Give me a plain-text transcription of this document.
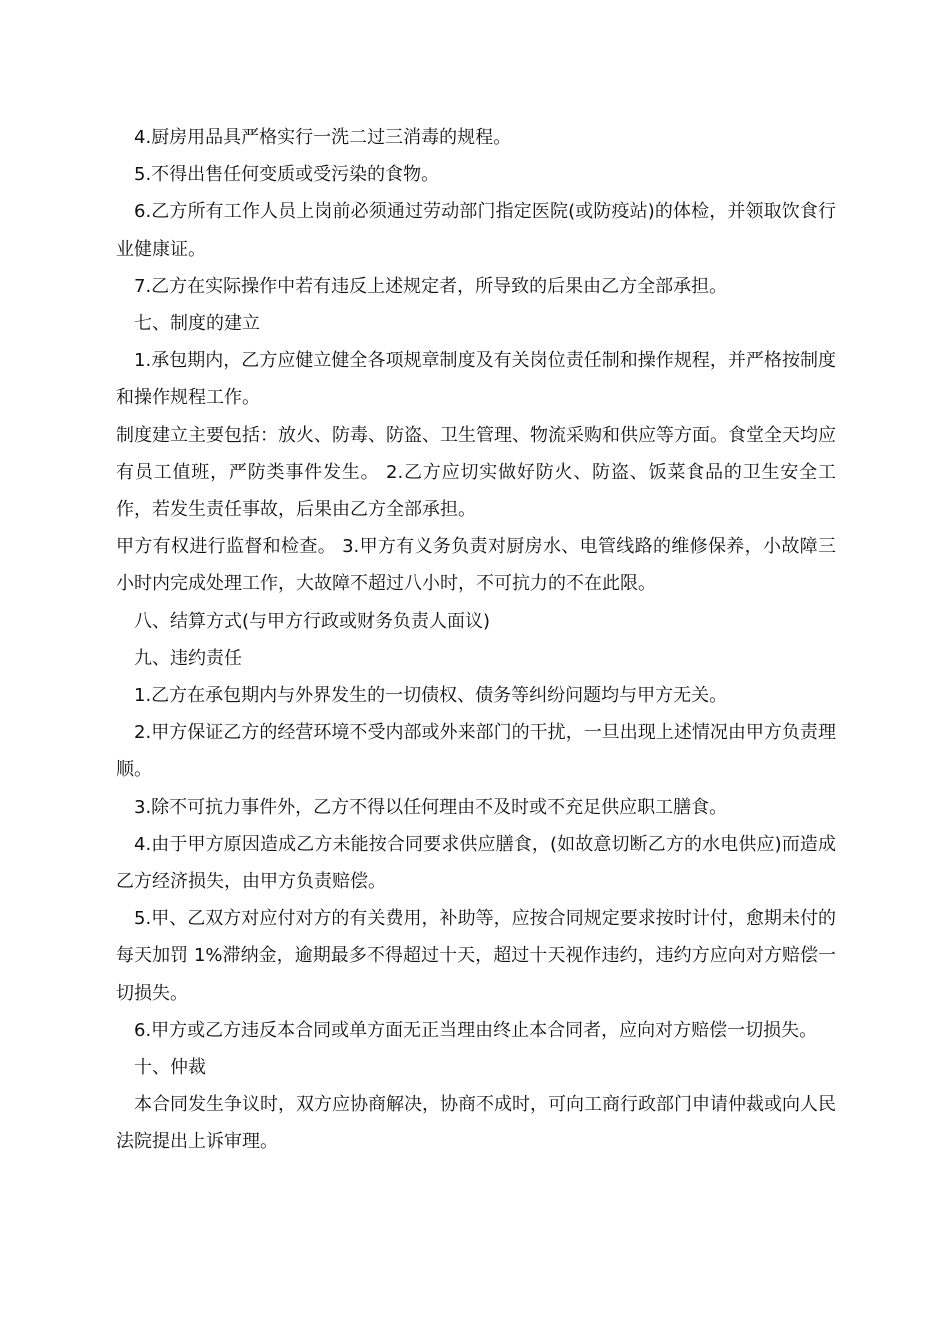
4.厨房用品具严格实行一洗二过三消毒的规程。

5.不得出售任何变质或受污染的食物。

6.乙方所有工作人员上岗前必须通过劳动部门指定医院(或防疫站)的体检，并领取饮食行业健康证。

7.乙方在实际操作中若有违反上述规定者，所导致的后果由乙方全部承担。

七、制度的建立

1.承包期内，乙方应健立健全各项规章制度及有关岗位责任制和操作规程，并严格按制度和操作规程工作。

制度建立主要包括：放火、防毒、防盗、卫生管理、物流采购和供应等方面。食堂全天均应有员工值班，严防类事件发生。 2.乙方应切实做好防火、防盗、饭菜食品的卫生安全工作，若发生责任事故，后果由乙方全部承担。

甲方有权进行监督和检查。 3.甲方有义务负责对厨房水、电管线路的维修保养，小故障三小时内完成处理工作，大故障不超过八小时，不可抗力的不在此限。

八、结算方式(与甲方行政或财务负责人面议)

九、违约责任

1.乙方在承包期内与外界发生的一切债权、债务等纠纷问题均与甲方无关。

2.甲方保证乙方的经营环境不受内部或外来部门的干扰，一旦出现上述情况由甲方负责理顺。

3.除不可抗力事件外，乙方不得以任何理由不及时或不充足供应职工膳食。

4.由于甲方原因造成乙方未能按合同要求供应膳食，(如故意切断乙方的水电供应)而造成乙方经济损失，由甲方负责赔偿。

5.甲、乙双方对应付对方的有关费用，补助等，应按合同规定要求按时计付，愈期未付的每天加罚 1%滞纳金，逾期最多不得超过十天，超过十天视作违约，违约方应向对方赔偿一切损失。

6.甲方或乙方违反本合同或单方面无正当理由终止本合同者，应向对方赔偿一切损失。

十、仲裁

本合同发生争议时，双方应协商解决，协商不成时，可向工商行政部门申请仲裁或向人民法院提出上诉审理。
